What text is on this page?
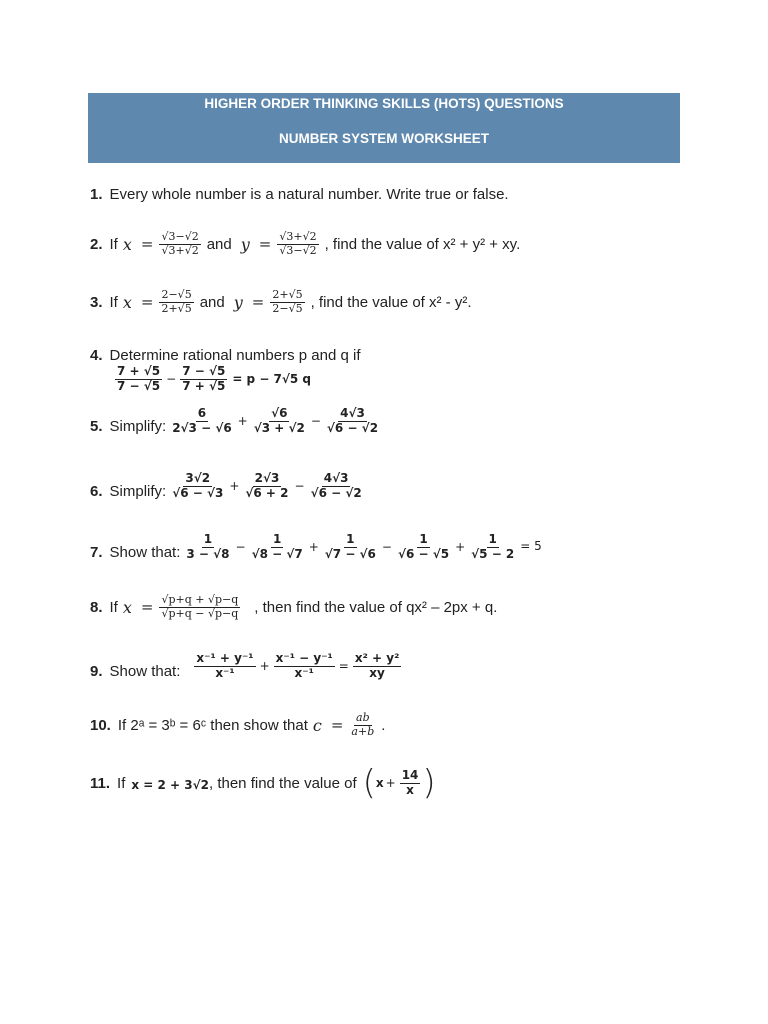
HIGHER ORDER THINKING SKILLS (HOTS) QUESTIONS
NUMBER SYSTEM WORKSHEET
1. Every whole number is a natural number. Write true or false.
2. If $x = \frac{√3-√2}{√3+√2}$ and $y = \frac{√3+√2}{√3-√2}$ , find the value of x² + y² + xy.
3. If $x = \frac{2-√5}{2+√5}$ and $y = \frac{2+√5}{2-√5}$ , find the value of x² - y².
4. Determine rational numbers p and q if
$\frac{7 + √5}{7 - √5} - \frac{7 - √5}{7 + √5} = p - 7√5$ q
5. Simplify: $\frac{6}{2√3 - √6} + \frac{√6}{√3 + √2} - \frac{4√3}{√6 - √2}$
6. Simplify: $\frac{3√2}{√6 - √3} + \frac{2√3}{√6 + 2} - \frac{4√3}{√6 - √2}$
7. Show that: $\frac{1}{3 - √8} - \frac{1}{√8 - √7} + \frac{1}{√7 - √6} - \frac{1}{√6 - √5} + \frac{1}{√5 - 2} = 5$
8. If $x = \frac{√p+q + √p-q}{√p+q - √p-q}$ , then find the value of qx² – 2px + q.
9. Show that: $\frac{\text{x⁻¹ + y⁻¹}}{\text{x⁻¹}} + \frac{\text{x⁻¹ − y⁻¹}}{\text{x⁻¹}} = \frac{\text{x² + y²}}{xy}$
10. If 2ᵃ = 3ᵇ = 6ᶜ then show that $c = \frac{ab}{a+b}$ .
11. If x = 2 + 3√2 , then find the value of ( $x + \frac{14}{x}$ )
